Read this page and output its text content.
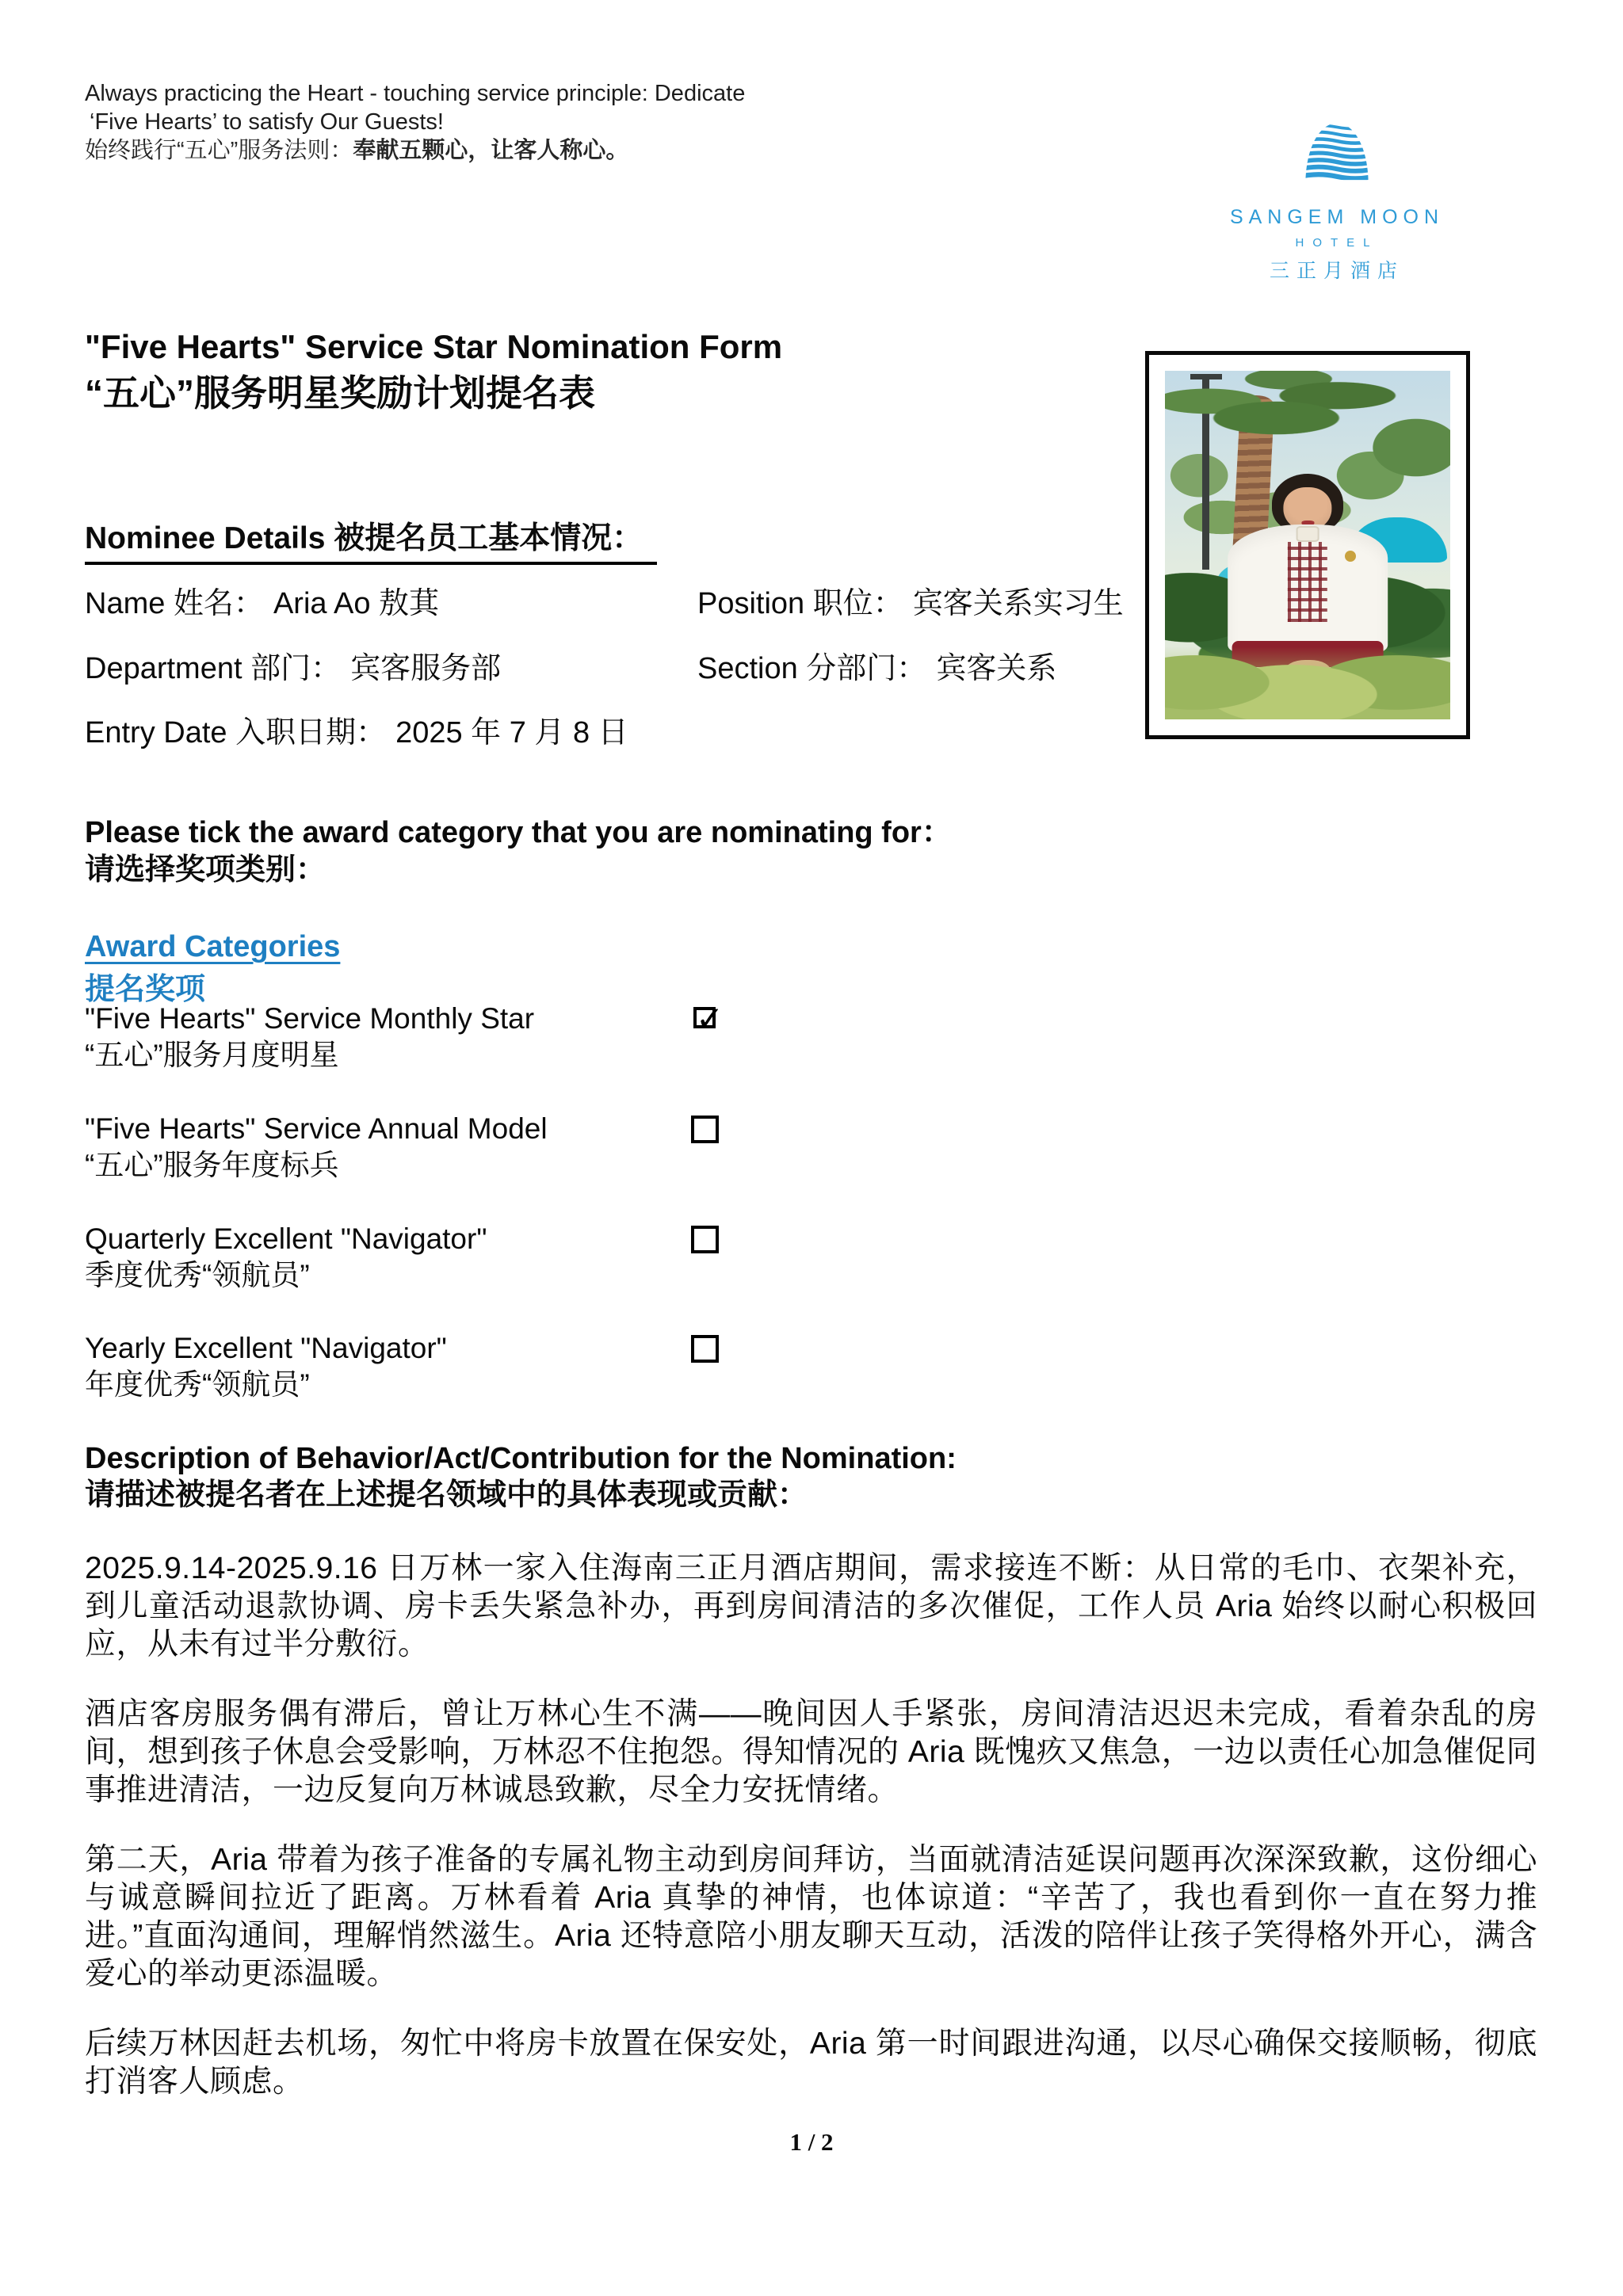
Always practicing the Heart - touching service principle: Dedicate
‘Five Hearts’ to satisfy Our Guests!
始终践行“五心”服务法则：奉献五颗心，让客人称心。
SANGEM MOON
HOTEL
三正月酒店
"Five Hearts" Service Star Nomination Form
“五心”服务明星奖励计划提名表
Nominee Details 被提名员工基本情况：
Name 姓名： Aria Ao 敖萁	Position 职位： 宾客关系实习生
Department 部门： 宾客服务部	Section 分部门： 宾客关系
Entry Date 入职日期： 2025 年 7 月 8 日
Please tick the award category that you are nominating for：
请选择奖项类别：
Award Categories
提名奖项
"Five Hearts" Service Monthly Star
“五心”服务月度明星
✓
"Five Hearts" Service Annual Model
“五心”服务年度标兵
Quarterly Excellent "Navigator"
季度优秀“领航员”
Yearly Excellent "Navigator"
年度优秀“领航员”
Description of Behavior/Act/Contribution for the Nomination:
请描述被提名者在上述提名领域中的具体表现或贡献：

2025.9.14-2025.9.16 日万林一家入住海南三正月酒店期间，需求接连不断：从日常的毛巾、衣架补充，到儿童活动退款协调、房卡丢失紧急补办，再到房间清洁的多次催促，工作人员 Aria 始终以耐心积极回应，从未有过半分敷衍。

酒店客房服务偶有滞后，曾让万林心生不满——晚间因人手紧张，房间清洁迟迟未完成，看着杂乱的房间，想到孩子休息会受影响，万林忍不住抱怨。得知情况的 Aria 既愧疚又焦急，一边以责任心加急催促同事推进清洁，一边反复向万林诚恳致歉，尽全力安抚情绪。

第二天，Aria 带着为孩子准备的专属礼物主动到房间拜访，当面就清洁延误问题再次深深致歉，这份细心与诚意瞬间拉近了距离。万林看着 Aria 真挚的神情，也体谅道：“辛苦了，我也看到你一直在努力推进。”直面沟通间，理解悄然滋生。Aria 还特意陪小朋友聊天互动，活泼的陪伴让孩子笑得格外开心，满含爱心的举动更添温暖。

后续万林因赶去机场，匆忙中将房卡放置在保安处，Aria 第一时间跟进沟通，以尽心确保交接顺畅，彻底打消客人顾虑。

1 / 2
